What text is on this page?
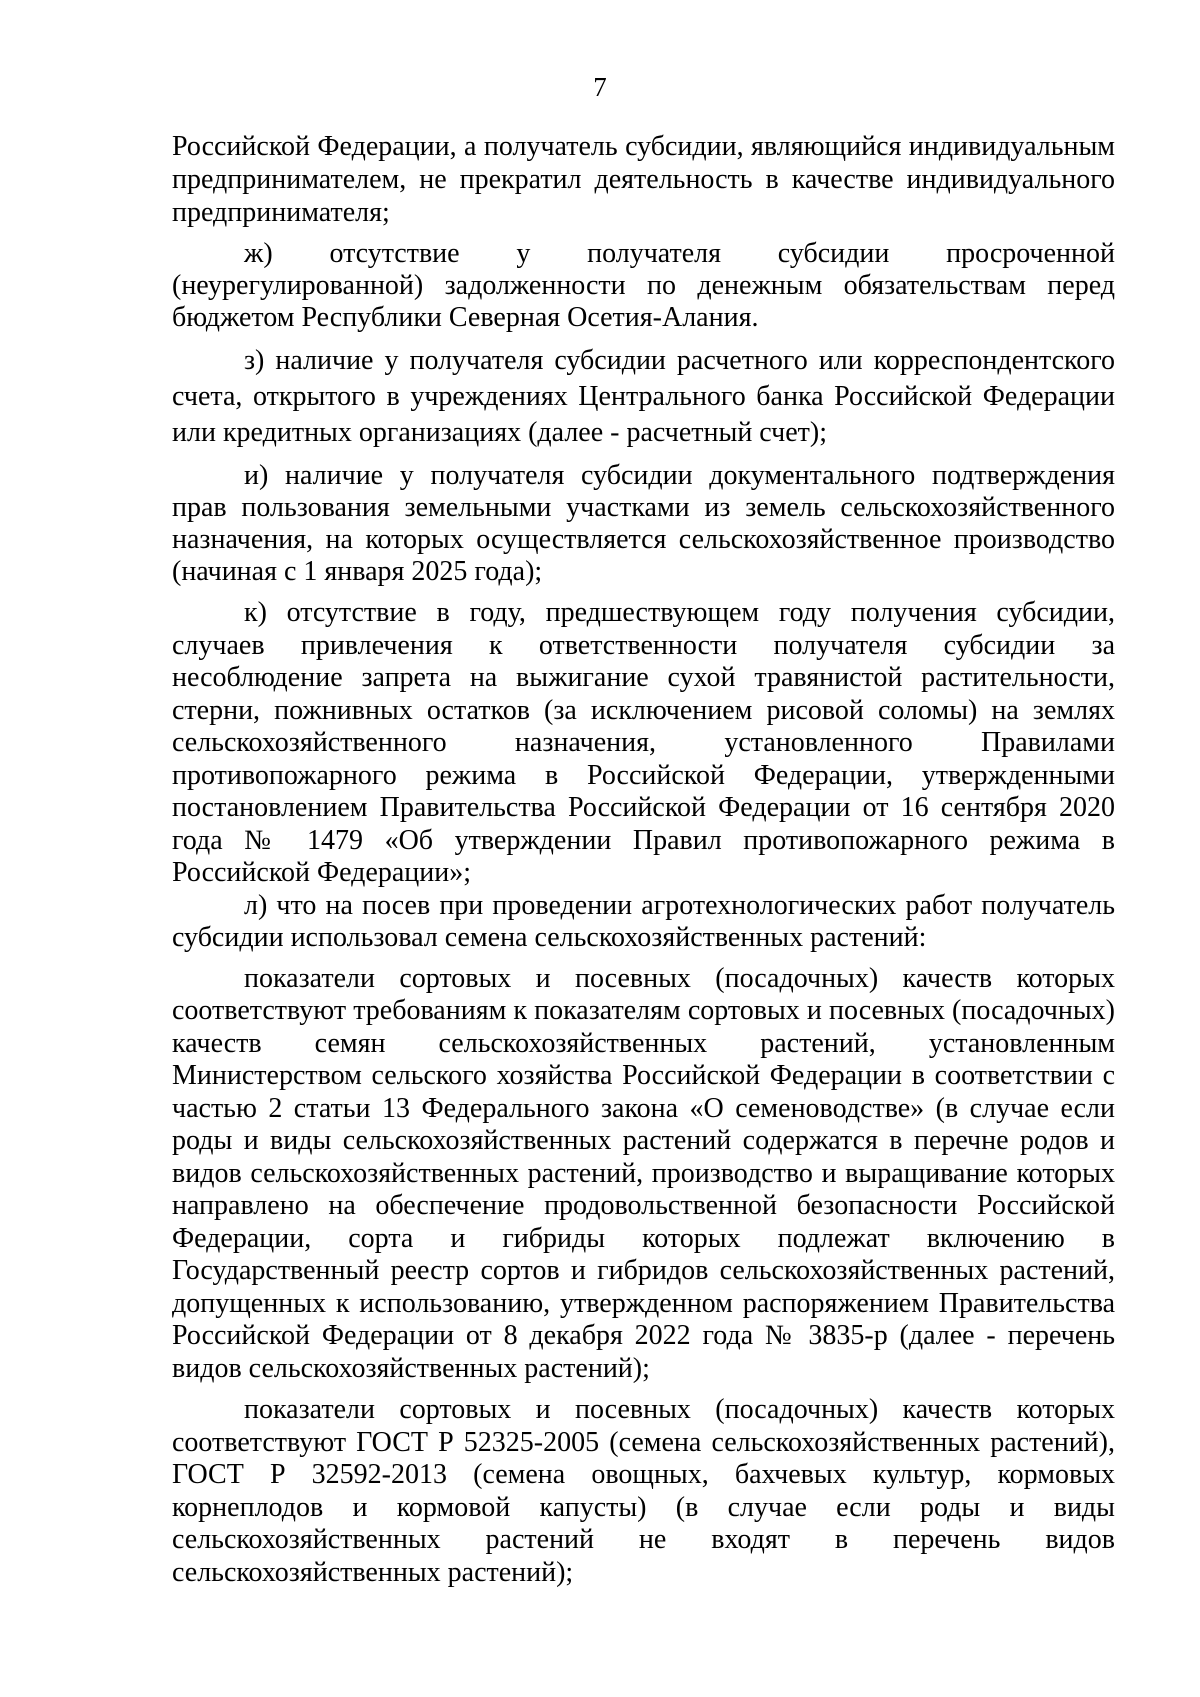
7

Российской Федерации, а получатель субсидии, являющийся индивидуальным предпринимателем, не прекратил деятельность в качестве индивидуального предпринимателя;

ж) отсутствие у получателя субсидии просроченной (неурегулированной) задолженности по денежным обязательствам перед бюджетом Республики Северная Осетия-Алания.

з) наличие у получателя субсидии расчетного или корреспондентского счета, открытого в учреждениях Центрального банка Российской Федерации или кредитных организациях (далее - расчетный счет);

и) наличие у получателя субсидии документального подтверждения прав пользования земельными участками из земель сельскохозяйственного назначения, на которых осуществляется сельскохозяйственное производство (начиная с 1 января 2025 года);

к) отсутствие в году, предшествующем году получения субсидии, случаев привлечения к ответственности получателя субсидии за несоблюдение запрета на выжигание сухой травянистой растительности, стерни, пожнивных остатков (за исключением рисовой соломы) на землях сельскохозяйственного назначения, установленного Правилами противопожарного режима в Российской Федерации, утвержденными постановлением Правительства Российской Федерации от 16 сентября 2020 года № 1479 «Об утверждении Правил противопожарного режима в Российской Федерации»;

л) что на посев при проведении агротехнологических работ получатель субсидии использовал семена сельскохозяйственных растений:

показатели сортовых и посевных (посадочных) качеств которых соответствуют требованиям к показателям сортовых и посевных (посадочных) качеств семян сельскохозяйственных растений, установленным Министерством сельского хозяйства Российской Федерации в соответствии с частью 2 статьи 13 Федерального закона «О семеноводстве» (в случае если роды и виды сельскохозяйственных растений содержатся в перечне родов и видов сельскохозяйственных растений, производство и выращивание которых направлено на обеспечение продовольственной безопасности Российской Федерации, сорта и гибриды которых подлежат включению в Государственный реестр сортов и гибридов сельскохозяйственных растений, допущенных к использованию, утвержденном распоряжением Правительства Российской Федерации от 8 декабря 2022 года № 3835-р (далее - перечень видов сельскохозяйственных растений);

показатели сортовых и посевных (посадочных) качеств которых соответствуют ГОСТ Р 52325-2005 (семена сельскохозяйственных растений), ГОСТ Р 32592-2013 (семена овощных, бахчевых культур, кормовых корнеплодов и кормовой капусты) (в случае если роды и виды сельскохозяйственных растений не входят в перечень видов сельскохозяйственных растений);
